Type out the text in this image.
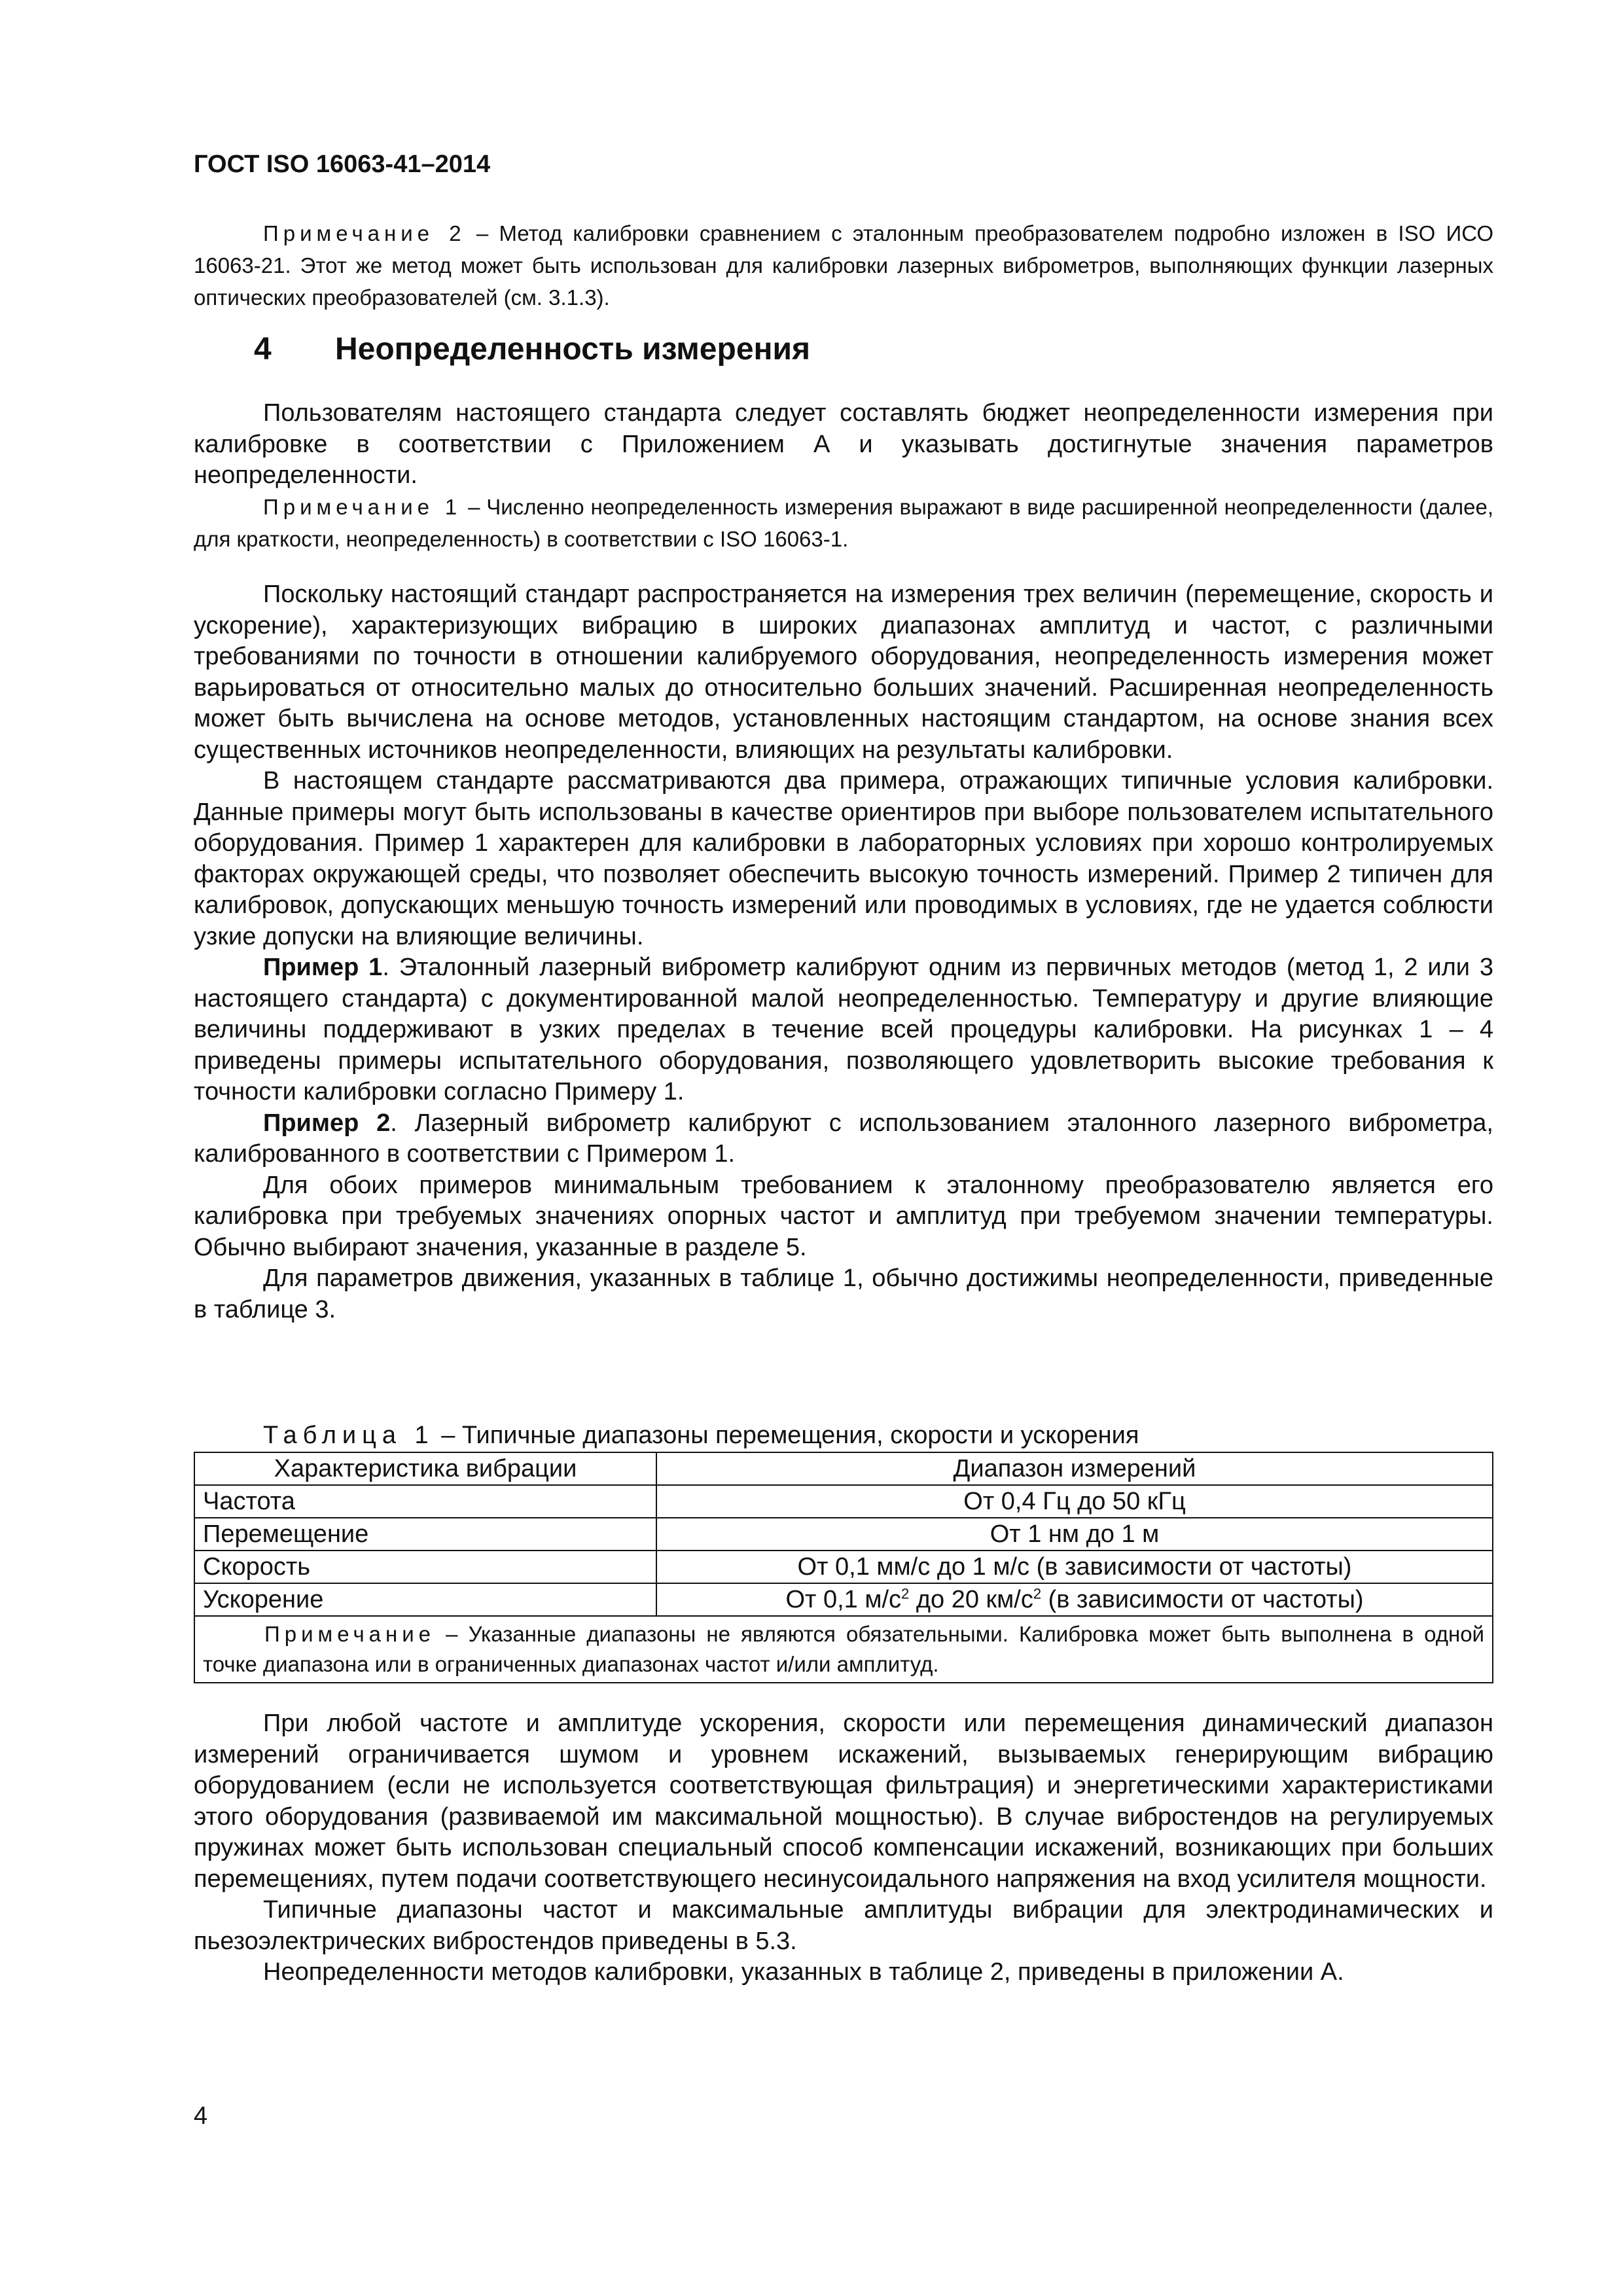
ГОСТ ISO 16063-41–2014

Примечание 2 – Метод калибровки сравнением с эталонным преобразователем подробно изложен в ISO ИСО 16063-21. Этот же метод может быть использован для калибровки лазерных виброметров, выполняющих функции лазерных оптических преобразователей (см. 3.1.3).

4 Неопределенность измерения

Пользователям настоящего стандарта следует составлять бюджет неопределенности измерения при калибровке в соответствии с Приложением А и указывать достигнутые значения параметров неопределенности.

Примечание 1 – Численно неопределенность измерения выражают в виде расширенной неопределенности (далее, для краткости, неопределенность) в соответствии с ISO 16063-1.

Поскольку настоящий стандарт распространяется на измерения трех величин (перемещение, скорость и ускорение), характеризующих вибрацию в широких диапазонах амплитуд и частот, с различными требованиями по точности в отношении калибруемого оборудования, неопределенность измерения может варьироваться от относительно малых до относительно больших значений. Расширенная неопределенность может быть вычислена на основе методов, установленных настоящим стандартом, на основе знания всех существенных источников неопределенности, влияющих на результаты калибровки.

В настоящем стандарте рассматриваются два примера, отражающих типичные условия калибровки. Данные примеры могут быть использованы в качестве ориентиров при выборе пользователем испытательного оборудования. Пример 1 характерен для калибровки в лабораторных условиях при хорошо контролируемых факторах окружающей среды, что позволяет обеспечить высокую точность измерений. Пример 2 типичен для калибровок, допускающих меньшую точность измерений или проводимых в условиях, где не удается соблюсти узкие допуски на влияющие величины.

Пример 1. Эталонный лазерный виброметр калибруют одним из первичных методов (метод 1, 2 или 3 настоящего стандарта) с документированной малой неопределенностью. Температуру и другие влияющие величины поддерживают в узких пределах в течение всей процедуры калибровки. На рисунках 1 – 4 приведены примеры испытательного оборудования, позволяющего удовлетворить высокие требования к точности калибровки согласно Примеру 1.

Пример 2. Лазерный виброметр калибруют с использованием эталонного лазерного виброметра, калиброванного в соответствии с Примером 1.

Для обоих примеров минимальным требованием к эталонному преобразователю является его калибровка при требуемых значениях опорных частот и амплитуд при требуемом значении температуры. Обычно выбирают значения, указанные в разделе 5.

Для параметров движения, указанных в таблице 1, обычно достижимы неопределенности, приведенные в таблице 3.

Таблица 1 – Типичные диапазоны перемещения, скорости и ускорения
Характеристика вибрации	Диапазон измерений
Частота	От 0,4 Гц до 50 кГц
Перемещение	От 1 нм до 1 м
Скорость	От 0,1 мм/с до 1 м/с (в зависимости от частоты)
Ускорение	От 0,1 $м/с^2$ до 20 $км/с^2$ (в зависимости от частоты)
Примечание – Указанные диапазоны не являются обязательными. Калибровка может быть выполнена в одной точке диапазона или в ограниченных диапазонах частот и/или амплитуд.	

При любой частоте и амплитуде ускорения, скорости или перемещения динамический диапазон измерений ограничивается шумом и уровнем искажений, вызываемых генерирующим вибрацию оборудованием (если не используется соответствующая фильтрация) и энергетическими характеристиками этого оборудования (развиваемой им максимальной мощностью). В случае вибростендов на регулируемых пружинах может быть использован специальный способ компенсации искажений, возникающих при больших перемещениях, путем подачи соответствующего несинусоидального напряжения на вход усилителя мощности.

Типичные диапазоны частот и максимальные амплитуды вибрации для электродинамических и пьезоэлектрических вибростендов приведены в 5.3.

Неопределенности методов калибровки, указанных в таблице 2, приведены в приложении А.

4
